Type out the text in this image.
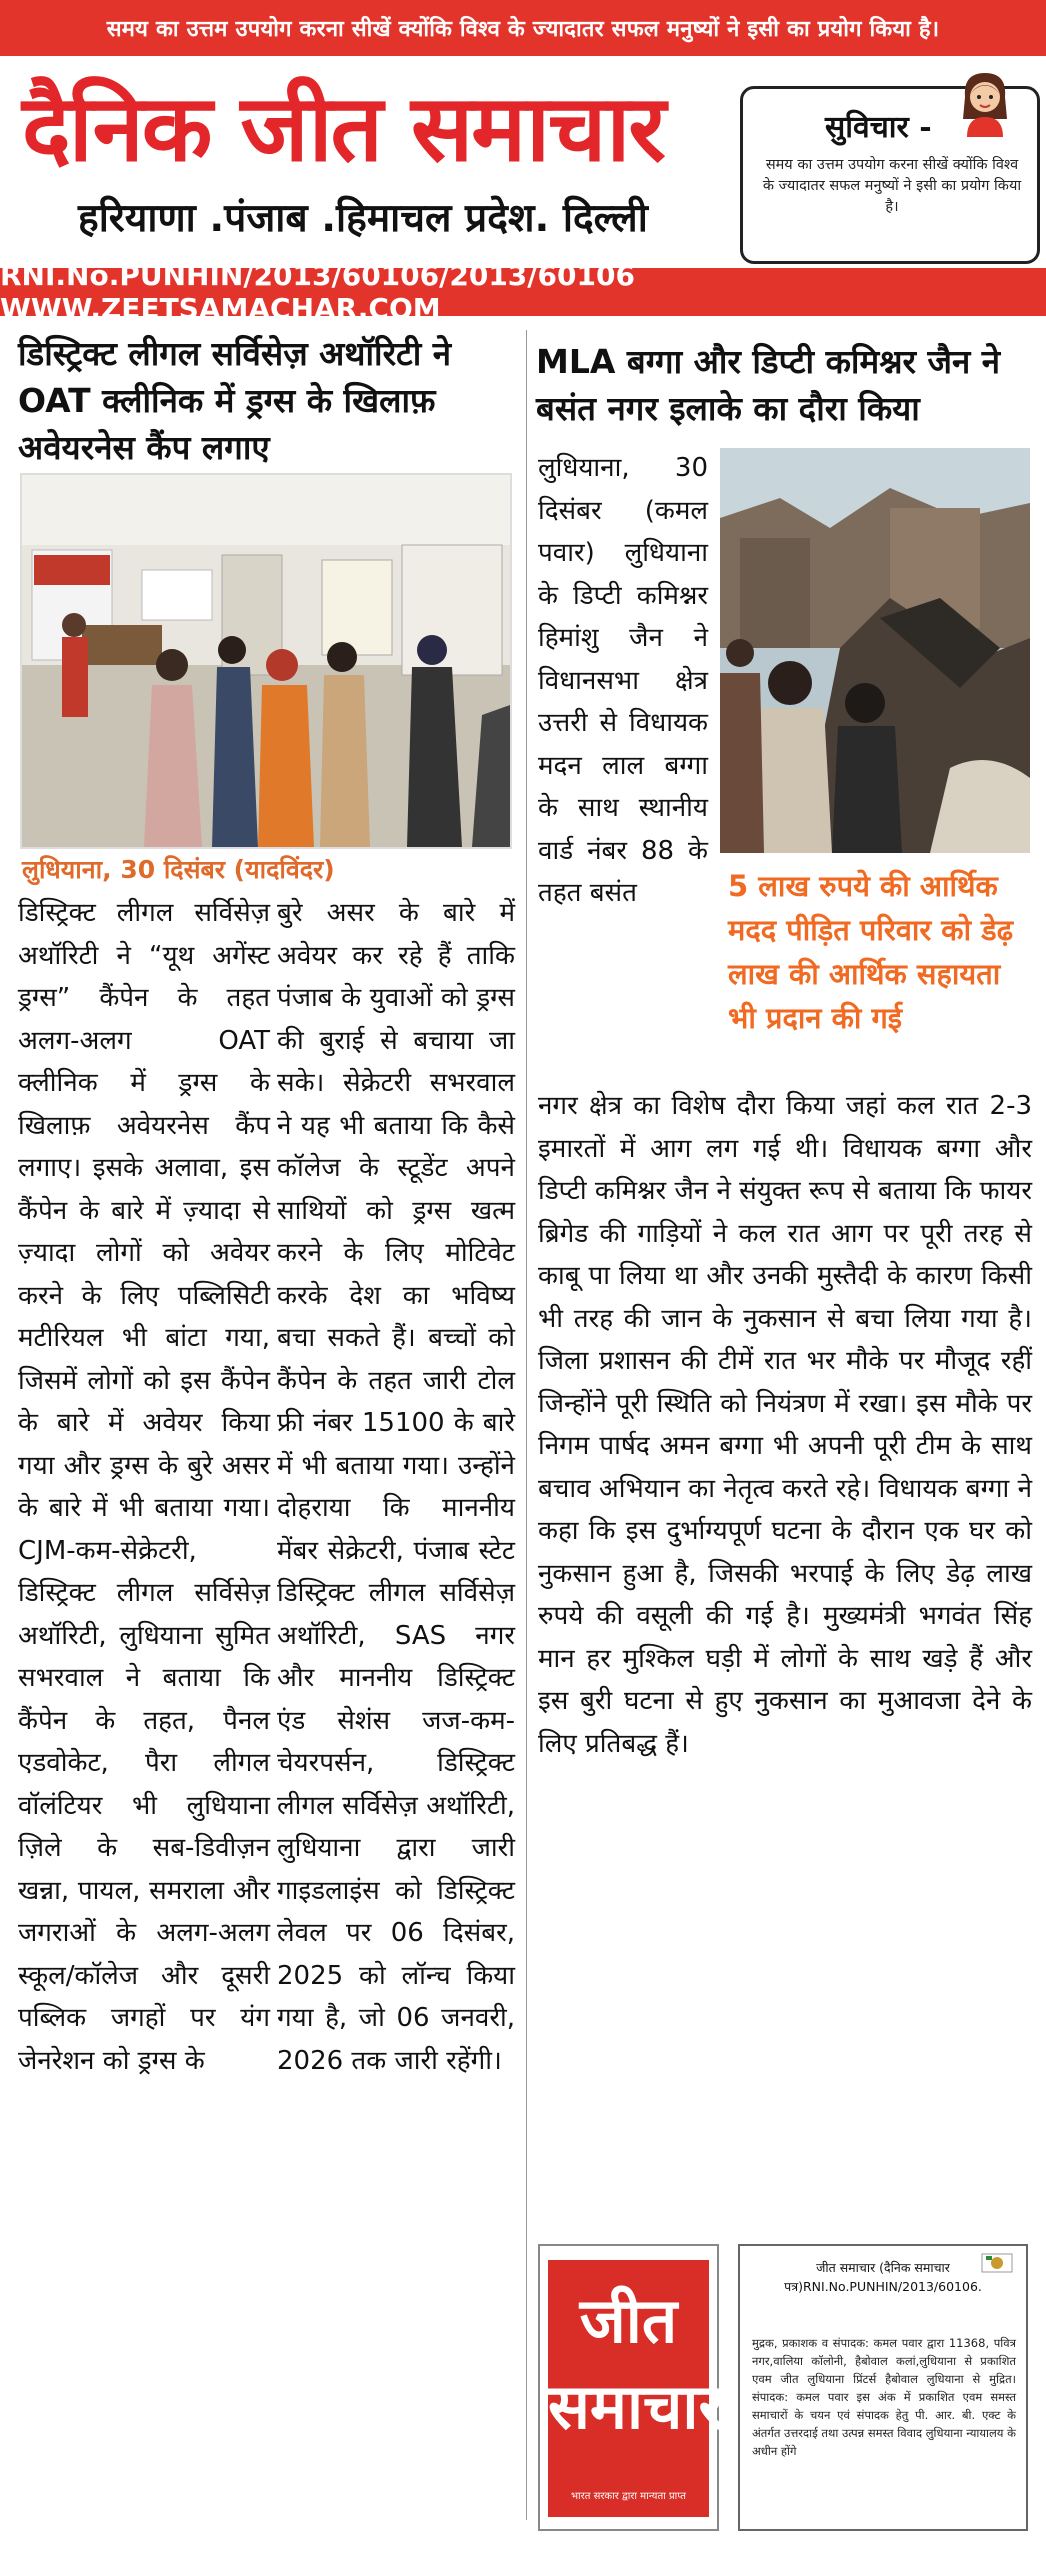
समय का उत्तम उपयोग करना सीखें क्योंकि विश्व के ज्यादातर सफल मनुष्यों ने इसी का प्रयोग किया है।
दैनिक जीत समाचार
हरियाणा .पंजाब .हिमाचल प्रदेश. दिल्ली
सुविचार -
समय का उत्तम उपयोग करना सीखें क्योंकि विश्व के ज्यादातर सफल मनुष्यों ने इसी का प्रयोग किया है।
RNI.No.PUNHIN/2013/60106/2013/60106 WWW.ZEETSAMACHAR.COM
डिस्ट्रिक्ट लीगल सर्विसेज़ अथॉरिटी ने OAT क्लीनिक में ड्रग्स के खिलाफ़ अवेयरनेस कैंप लगाए
लुधियाना, 30 दिसंबर (यादविंदर)
डिस्ट्रिक्ट लीगल सर्विसेज़ अथॉरिटी ने “यूथ अगेंस्ट ड्रग्स” कैंपेन के तहत अलग-अलग OAT क्लीनिक में ड्रग्स के खिलाफ़ अवेयरनेस कैंप लगाए। इसके अलावा, इस कैंपेन के बारे में ज़्यादा से ज़्यादा लोगों को अवेयर करने के लिए पब्लिसिटी मटीरियल भी बांटा गया, जिसमें लोगों को इस कैंपेन के बारे में अवेयर किया गया और ड्रग्स के बुरे असर के बारे में भी बताया गया। CJM-कम-सेक्रेटरी, डिस्ट्रिक्ट लीगल सर्विसेज़ अथॉरिटी, लुधियाना सुमित सभरवाल ने बताया कि कैंपेन के तहत, पैनल एडवोकेट, पैरा लीगल वॉलंटियर भी लुधियाना ज़िले के सब-डिवीज़न खन्ना, पायल, समराला और जगराओं के अलग-अलग स्कूल/कॉलेज और दूसरी पब्लिक जगहों पर यंग जेनरेशन को ड्रग्स के
बुरे असर के बारे में अवेयर कर रहे हैं ताकि पंजाब के युवाओं को ड्रग्स की बुराई से बचाया जा सके। सेक्रेटरी सभरवाल ने यह भी बताया कि कैसे कॉलेज के स्टूडेंट अपने साथियों को ड्रग्स खत्म करने के लिए मोटिवेट करके देश का भविष्य बचा सकते हैं। बच्चों को कैंपेन के तहत जारी टोल फ्री नंबर 15100 के बारे में भी बताया गया। उन्होंने दोहराया कि माननीय मेंबर सेक्रेटरी, पंजाब स्टेट डिस्ट्रिक्ट लीगल सर्विसेज़ अथॉरिटी, SAS नगर और माननीय डिस्ट्रिक्ट एंड सेशंस जज-कम-चेयरपर्सन, डिस्ट्रिक्ट लीगल सर्विसेज़ अथॉरिटी, लुधियाना द्वारा जारी गाइडलाइंस को डिस्ट्रिक्ट लेवल पर 06 दिसंबर, 2025 को लॉन्च किया गया है, जो 06 जनवरी, 2026 तक जारी रहेंगी।
MLA बग्गा और डिप्टी कमिश्नर जैन ने बसंत नगर इलाके का दौरा किया
लुधियाना, 30 दिसंबर (कमल पवार) लुधियाना के डिप्टी कमिश्नर हिमांशु जैन ने विधानसभा क्षेत्र उत्तरी से विधायक मदन लाल बग्गा के साथ स्थानीय वार्ड नंबर 88 के तहत बसंत	5 लाख रुपये की आर्थिक मदद पीड़ित परिवार को डेढ़ लाख की आर्थिक सहायता भी प्रदान की गई
नगर क्षेत्र का विशेष दौरा किया जहां कल रात 2-3 इमारतों में आग लग गई थी। विधायक बग्गा और डिप्टी कमिश्नर जैन ने संयुक्त रूप से बताया कि फायर ब्रिगेड की गाड़ियों ने कल रात आग पर पूरी तरह से काबू पा लिया था और उनकी मुस्तैदी के कारण किसी भी तरह की जान के नुकसान से बचा लिया गया है। जिला प्रशासन की टीमें रात भर मौके पर मौजूद रहीं जिन्होंने पूरी स्थिति को नियंत्रण में रखा। इस मौके पर निगम पार्षद अमन बग्गा भी अपनी पूरी टीम के साथ बचाव अभियान का नेतृत्व करते रहे। विधायक बग्गा ने कहा कि इस दुर्भाग्यपूर्ण घटना के दौरान एक घर को नुकसान हुआ है, जिसकी भरपाई के लिए डेढ़ लाख रुपये की वसूली की गई है। मुख्यमंत्री भगवंत सिंह मान हर मुश्किल घड़ी में लोगों के साथ खड़े हैं और इस बुरी घटना से हुए नुकसान का मुआवजा देने के लिए प्रतिबद्ध हैं।
जीत
समाचार
भारत सरकार द्वारा मान्यता प्राप्त
जीत समाचार (दैनिक समाचार पत्र)RNI.No.PUNHIN/2013/60106.
मुद्रक, प्रकाशक व संपादक: कमल पवार द्वारा 11368, पवित्र नगर,वालिया कॉलोनी, हैबोवाल कलां,लुधियाना से प्रकाशित एवम जीत लुधियाना प्रिंटर्स हैबोवाल लुधियाना से मुद्रित। संपादक: कमल पवार इस अंक में प्रकाशित एवम समस्त समाचारों के चयन एवं संपादक हेतु पी. आर. बी. एक्ट के अंतर्गत उत्तरदाई तथा उत्पन्न समस्त विवाद लुधियाना न्यायालय के अधीन होंगे
